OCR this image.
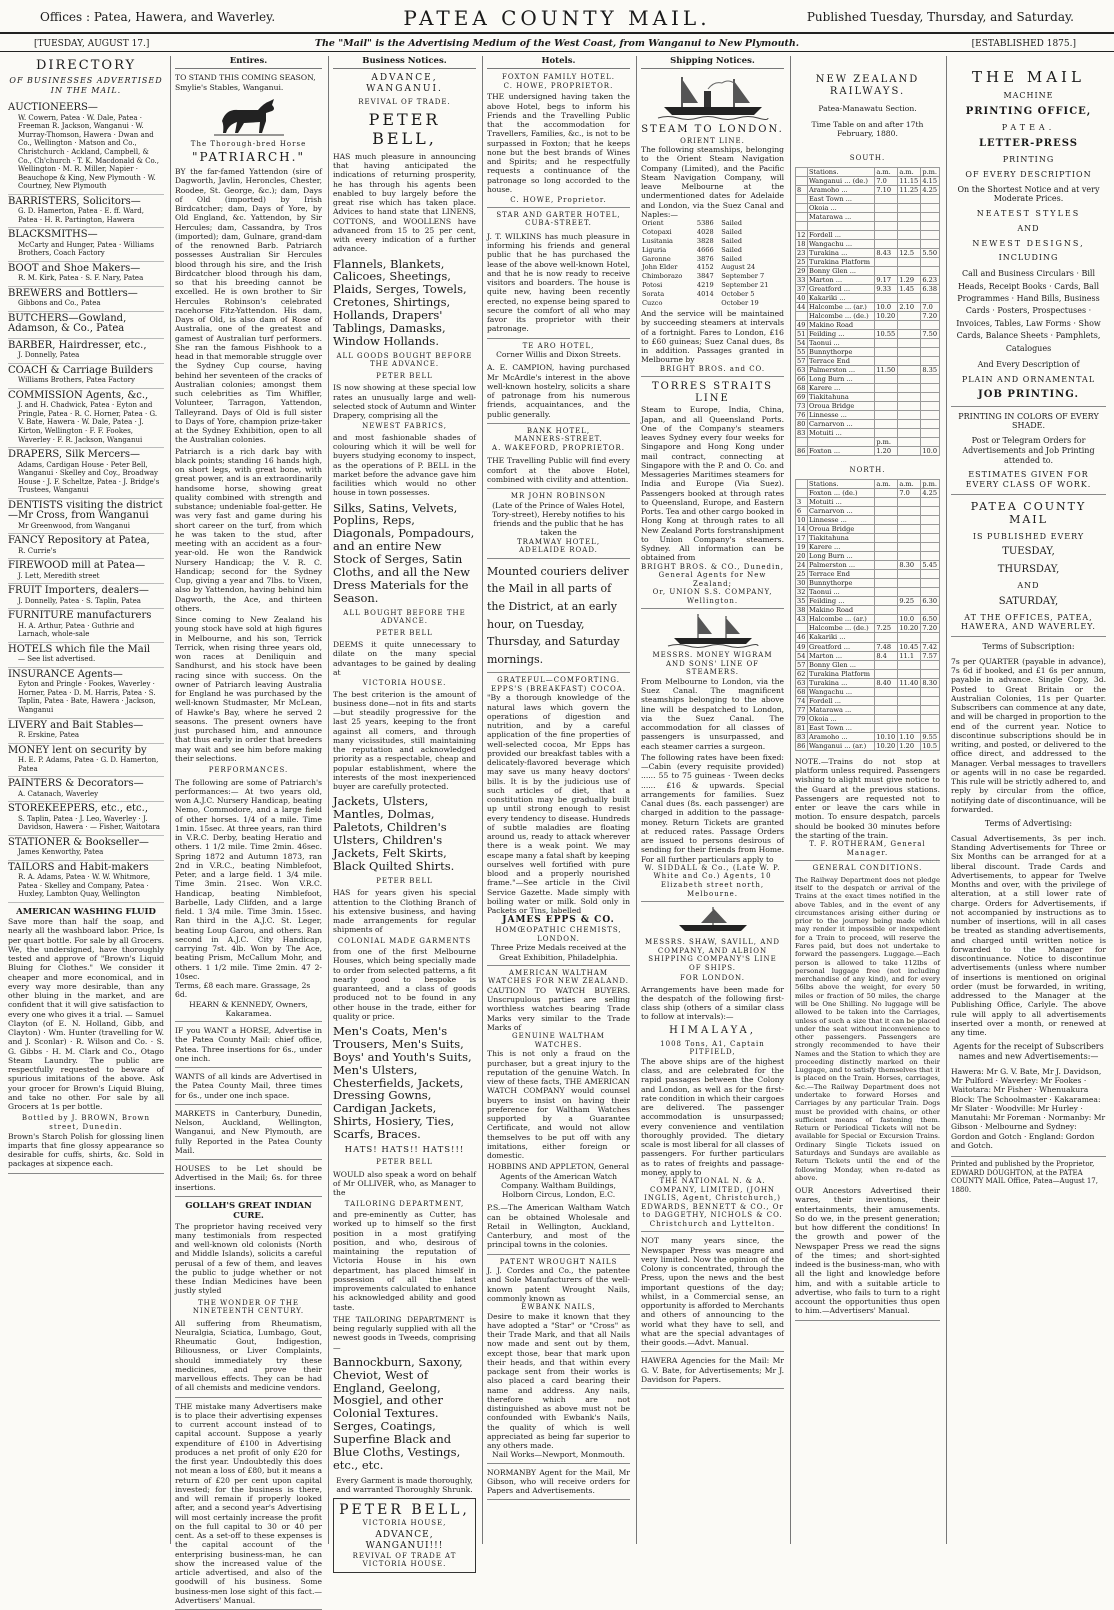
Offices : Patea, Hawera, and Waverley.	PATEA COUNTY MAIL.	Published Tuesday, Thursday, and Saturday.
[TUESDAY, AUGUST 17.]	The "Mail" is the Advertising Medium of the West Coast, from Wanganui to New Plymouth.	[ESTABLISHED 1875.]
DIRECTORY
OF BUSINESSES ADVERTISED IN THE MAIL.
AUCTIONEERS—
W. Cowern, Patea · W. Dale, Patea · Freeman R. Jackson, Wanganui · W. Murray-Thomson, Hawera · Dwan and Co., Wellington · Matson and Co., Christchurch · Ackland, Campbell, & Co., Ch'church · T. K. Macdonald & Co., Wellington · M. R. Miller, Napier · Beauchope & King, New Plymouth · W. Courtney, New Plymouth
BARRISTERS, Solicitors—
G. D. Hamerton, Patea · E. ff. Ward, Patea · H. R. Partington, Hawera
BLACKSMITHS—
McCarty and Hunger, Patea · Williams Brothers, Coach Factory
BOOT and Shoe Makers—
R. M. Kirk, Patea · S. F. Nary, Patea
BREWERS and Bottlers—
Gibbons and Co., Patea
BUTCHERS—Gowland, Adamson, & Co., Patea
BARBER, Hairdresser, etc.,
J. Donnelly, Patea
COACH & Carriage Builders
Williams Brothers, Patea Factory
COMMISSION Agents, &c.,
J. and H. Chadwick, Patea · Eyton and Pringle, Patea · R. C. Horner, Patea · G. V. Bate, Hawera · W. Dale, Patea · J. Kirton, Wellington · F. F. Fookes, Waverley · F. R. Jackson, Wanganui
DRAPERS, Silk Mercers—
Adams, Cardigan House · Peter Bell, Wanganui · Skelley and Coy., Broadway House · J. F. Scheltze, Patea · J. Bridge's Trustees, Wanganui
DENTISTS visiting the district—Mr Cross, from Wanganui
Mr Greenwood, from Wanganui
FANCY Repository at Patea,
R. Currie's
FIREWOOD mill at Patea—
J. Lett, Meredith street
FRUIT Importers, dealers—
J. Donnelly, Patea · S. Taplin, Patea
FURNITURE manufacturers
H. A. Arthur, Patea · Guthrie and Larnach, whole-sale
HOTELS which file the Mail
— See list advertised.
INSURANCE Agents—
Eyton and Pringle · Fookes, Waverley · Horner, Patea · D. M. Harris, Patea · S. Taplin, Patea · Bate, Hawera · Jackson, Wanganui
LIVERY and Bait Stables—
R. Erskine, Patea
MONEY lent on security by
H. E. P. Adams, Patea · G. D. Hamerton, Patea
PAINTERS & Decorators—
A. Catanach, Waverley
STOREKEEPERS, etc., etc.,
S. Taplin, Patea · J. Leo, Waverley · J. Davidson, Hawera · — Fisher, Waitotara
STATIONER & Bookseller—
James Kenworthy, Patea
TAILORS and Habit-makers
R. A. Adams, Patea · W. W. Whitmore, Patea · Skelley and Company, Patea · Huxley, Lambton Quay, Wellington
AMERICAN WASHING FLUID
Save more than half the soap, and nearly all the washboard labor. Price, Is per quart bottle. For sale by all Grocers. We, the undersigned, have thoroughly tested and approve of "Brown's Liquid Bluing for Clothes." We consider it cheaper and more economical, and in every way more desirable, than any other bluing in the market, and are confident that it will give satisfaction to every one who gives it a trial. — Samuel Clayton (of E. N. Holland, Gibb, and Clayton) · Wm. Hunter (travelling for W. and J. Sconlar) · R. Wilson and Co. · S. G. Gibbs · H. M. Clark and Co., Otago Steam Laundry. The public are respectfully requested to beware of spurious imitations of the above. Ask your grocer for Brown's Liquid Bluing, and take no other. For sale by all Grocers at 1s per bottle.
Bottled by J. BROWN, Brown street, Dunedin.
Brown's Starch Polish for glossing linen imparts that fine glossy appearance so desirable for cuffs, shirts, &c. Sold in packages at sixpence each.
Entires.
TO STAND THIS COMING SEASON, Smylie's Stables, Wanganui.
The Thorough-bred Horse
"PATRIARCH."
BY the far-famed Yattendon (sire of Dagworth, Javlin, Heroncles, Chester, Roodee, St. George, &c.); dam, Days of Old (imported) by Irish Birdcatcher; dam, Days of Yore, by Old England, &c. Yattendon, by Sir Hercules; dam, Cassandra, by Tros (imported); dam, Gulnare, grand-dam of the renowned Barb. Patriarch possesses Australian Sir Hercules blood through his sire, and the Irish Birdcatcher blood through his dam, so that his breeding cannot be excelled. He is own brother to Sir Hercules Robinson's celebrated racehorse Fitz-Yattendon. His dam, Days of Old, is also dam of Rose of Australia, one of the greatest and gamest of Australian turf performers. She ran the famous Fishhook to a head in that memorable struggle over the Sydney Cup course, having behind her seventeen of the cracks of Australian colonies; amongst them such celebrities as Tim Whiffler, Volunteer, Tarragon, Yattendon, Talleyrand. Days of Old is full sister to Days of Yore, champion prize-taker at the Sydney Exhibition, open to all the Australian colonies.
Patriarch is a rich dark bay with black points; standing 16 hands high, on short legs, with great bone, with great power, and is an extraordinarily handsome horse, showing great quality combined with strength and substance; undeniable foal-getter. He was very fast and game during his short career on the turf, from which he was taken to the stud, after meeting with an accident as a four-year-old. He won the Randwick Nursery Handicap; the V. R. C. Handicap; second for the Sydney Cup, giving a year and 7lbs. to Vixen, also by Yattendon, having behind him Dagworth, the Ace, and thirteen others.
Since coming to New Zealand his young stock have sold at high figures in Melbourne, and his son, Terrick Terrick, when rising three years old, won races at Deniliquin and Sandhurst, and his stock have been racing since with success. On the owner of Patriarch leaving Australia for England he was purchased by the well-known Studmaster, Mr McLean, of Hawke's Bay, where he served 2 seasons. The present owners have just purchased him, and announce that thus early in order that breeders may wait and see him before making their selections.
PERFORMANCES.
The following are some of Patriarch's performances:— At two years old, won A.J.C. Nursery Handicap, beating Nemo, Commodore, and a large field of other horses. 1/4 of a mile. Time 1min. 15sec. At three years, ran third in V.R.C. Derby, beating Heratio and others. 1 1/2 mile. Time 2min. 46sec. Spring 1872 and Autumn 1873, ran 2nd in V.R.C., beating Nimblefoot, Peter, and a large field. 1 3/4 mile. Time 3min. 21sec. Won V.R.C. Handicap, beating Nimblefoot, Barbelle, Lady Clifden, and a large field. 1 3/4 mile. Time 3min. 15sec. Ran third in the A.J.C. St. Leger, beating Loup Garou, and others. Ran second in A.J.C. City Handicap, carrying 7st. 4lb. Won by The Ace, beating Prism, McCallum Mohr, and others. 1 1/2 mile. Time 2min. 47 2-10sec.
Terms, £8 each mare. Grassage, 2s 6d.
HEARN & KENNEDY, Owners, Kakaramea.
IF you WANT a HORSE, Advertise in the Patea County Mail: chief office, Patea. Three insertions for 6s., under one inch.
WANTS of all kinds are Advertised in the Patea County Mail, three times for 6s., under one inch space.
MARKETS in Canterbury, Dunedin, Nelson, Auckland, Wellington, Wanganui, and New Plymouth, are fully Reported in the Patea County Mail.
HOUSES to be Let should be Advertised in the Mail; 6s. for three insertions.
GOLLAH'S GREAT INDIAN CURE.
The proprietor having received very many testimonials from respected and well-known old colonists (North and Middle Islands), solicits a careful perusal of a few of them, and leaves the public to judge whether or not these Indian Medicines have been justly styled
THE WONDER OF THE NINETEENTH CENTURY.
All suffering from Rheumatism, Neuralgia, Sciatica, Lumbago, Gout, Rheumatic Gout, Indigestion, Biliousness, or Liver Complaints, should immediately try these medicines, and prove their marvellous effects. They can be had of all chemists and medicine vendors.
THE mistake many Advertisers make is to place their advertising expenses to current account instead of to capital account. Suppose a yearly expenditure of £100 in Advertising produces a net profit of only £20 for the first year. Undoubtedly this does not mean a loss of £80, but it means a return of £20 per cent upon capital invested; for the business is there, and will remain if properly looked after, and a second year's Advertising will most certainly increase the profit on the full capital to 30 or 40 per cent. As a set-off to these expenses is the capital account of the enterprising business-man, he can show the increased value of the article advertised, and also of the goodwill of his business. Some business-men lose sight of this fact.—Advertisers' Manual.
Business Notices.
ADVANCE, WANGANUI.
REVIVAL OF TRADE.
PETER BELL,
HAS much pleasure in announcing that having anticipated the indications of returning prosperity, he has through his agents been enabled to buy largely before the great rise which has taken place. Advices to hand state that LINENS, COTTONS, and WOOLLENS have advanced from 15 to 25 per cent, with every indication of a further advance.
Flannels, Blankets, Calicoes, Sheetings, Plaids, Serges, Towels, Cretones, Shirtings, Hollands, Drapers' Tablings, Damasks, Window Hollands.
ALL GOODS BOUGHT BEFORE THE ADVANCE.
PETER BELL
IS now showing at these special low rates an unusually large and well-selected stock of Autumn and Winter Drapery, comprising all the
NEWEST FABRICS,
and most fashionable shades of colouring which it will be well for buyers studying economy to inspect, as the operations of P. BELL in the market before the advance gave him facilities which would no other house in town possesses.
Silks, Satins, Velvets, Poplins, Reps, Diagonals, Pompadours, and an entire New Stock of Serges, Satin Cloths, and all the New Dress Materials for the Season.
ALL BOUGHT BEFORE THE ADVANCE.
PETER BELL
DEEMS it quite unnecessary to dilate on the many special advantages to be gained by dealing at
VICTORIA HOUSE.
The best criterion is the amount of business done—not in fits and starts—but steadily progressive for the last 25 years, keeping to the front against all comers, and through many vicissitudes, still maintaining the reputation and acknowledged priority as a respectable, cheap and popular establishment, where the interests of the most inexperienced buyer are carefully protected.
Jackets, Ulsters, Mantles, Dolmas, Paletots, Children's Ulsters, Children's Jackets, Felt Skirts, Black Quilted Shirts.
PETER BELL
HAS for years given his special attention to the Clothing Branch of his extensive business, and having made arrangements for regular shipments of
COLONIAL MADE GARMENTS
from one of the first Melbourne Houses, which being specially made to order from selected patterns, a fit nearly good to bespoke is guaranteed, and a class of goods produced not to be found in any other house in the trade, either for quality or price.
Men's Coats, Men's Trousers, Men's Suits, Boys' and Youth's Suits, Men's Ulsters, Chesterfields, Jackets, Dressing Gowns, Cardigan Jackets, Shirts, Hosiery, Ties, Scarfs, Braces.
HATS! HATS!! HATS!!!
PETER BELL
WOULD also speak a word on behalf of Mr OLLIVER, who, as Manager to the
TAILORING DEPARTMENT,
and pre-eminently as Cutter, has worked up to himself so the first position in a most gratifying position, and who, desirous of maintaining the reputation of Victoria House in his own department, has placed himself in possession of all the latest improvements calculated to enhance his acknowledged ability and good taste.
THE TAILORING DEPARTMENT is being regularly supplied with all the newest goods in Tweeds, comprising—
Bannockburn, Saxony, Cheviot, West of England, Geelong, Mosgiel, and other Colonial Textures. Serges, Coatings, Superfine Black and Blue Cloths, Vestings, etc., etc.
Every Garment is made thoroughly, and warranted Thoroughly Shrunk.
PETER BELL,
VICTORIA HOUSE,
ADVANCE, WANGANUI!!!
REVIVAL OF TRADE AT VICTORIA HOUSE.
Hotels.
FOXTON FAMILY HOTEL.
C. HOWE, PROPRIETOR.
THE undersigned having taken the above Hotel, begs to inform his Friends and the Travelling Public that the accommodation for Travellers, Families, &c., is not to be surpassed in Foxton; that he keeps none but the best brands of Wines and Spirits; and he respectfully requests a continuance of the patronage so long accorded to the house.
C. HOWE, Proprietor.
STAR AND GARTER HOTEL,
CUBA-STREET.
J. T. WILKINS has much pleasure in informing his friends and general public that he has purchased the lease of the above well-known Hotel, and that he is now ready to receive visitors and boarders. The house is quite new, having been recently erected, no expense being spared to secure the comfort of all who may favor its proprietor with their patronage.
TE ARO HOTEL,
Corner Willis and Dixon Streets.
A. E. CAMPION, having purchased Mr McArdle's interest in the above well-known hostelry, solicits a share of patronage from his numerous friends, acquaintances, and the public generally.
BANK HOTEL,
MANNERS-STREET.
A. WAKEFORD, PROPRIETOR.
THE Travelling Public will find every comfort at the above Hotel, combined with civility and attention.
MR JOHN ROBINSON
(Late of the Prince of Wales Hotel, Tory-street), Hereby notifies to his friends and the public that he has taken the
TRAMWAY HOTEL,
ADELAIDE ROAD.
Mounted couriers deliver the Mail in all parts of the District, at an early hour, on Tuesday, Thursday, and Saturday mornings.
GRATEFUL—COMFORTING.
EPPS'S (BREAKFAST) COCOA.
"By a thorough knowledge of the natural laws which govern the operations of digestion and nutrition, and by a careful application of the fine properties of well-selected cocoa, Mr Epps has provided our breakfast tables with a delicately-flavored beverage which may save us many heavy doctors' bills. It is by the judicious use of such articles of diet, that a constitution may be gradually built up until strong enough to resist every tendency to disease. Hundreds of subtle maladies are floating around us, ready to attack wherever there is a weak point. We may escape many a fatal shaft by keeping ourselves well fortified with pure blood and a properly nourished frame."—See article in the Civil Service Gazette. Made simply with boiling water or milk. Sold only in Packets or Tins, labelled
JAMES EPPS & CO.
HOMŒOPATHIC CHEMISTS, LONDON.
Three Prize Medals received at the Great Exhibition, Philadelphia.
AMERICAN WALTHAM WATCHES FOR NEW ZEALAND.
CAUTION TO WATCH BUYERS. Unscrupulous parties are selling worthless watches bearing Trade Marks very similar to the Trade Marks of
GENUINE WALTHAM WATCHES.
This is not only a fraud on the purchaser, but a great injury to the reputation of the genuine Watch. In view of these facts, THE AMERICAN WATCH COMPANY would counsel buyers to insist on having their preference for Waltham Watches supported by a Guarantee Certificate, and would not allow themselves to be put off with any imitations, either foreign or domestic.
HOBBINS AND APPLETON, General Agents of the American Watch Company. Waltham Buildings, Holborn Circus, London, E.C.
P.S.—The American Waltham Watch can be obtained Wholesale and Retail in Wellington, Auckland, Canterbury, and most of the principal towns in the colonies.
PATENT WROUGHT NAILS
J. J. Cordes and Co., the patentee and Sole Manufacturers of the well-known patent Wrought Nails, commonly known as
EWBANK NAILS,
Desire to make it known that they have adopted a "Star" or "Cross" as their Trade Mark, and that all Nails now made and sent out by them, except those, bear that mark upon their heads, and that within every package sent from their works is also placed a card bearing their name and address. Any nails, therefore which are not distinguished as above must not be confounded with Ewbank's Nails, the quality of which is well appreciated as being far superior to any others made.
Nail Works—Newport, Monmouth.
NORMANBY Agent for the Mail, Mr Gibson, who will receive orders for Papers and Advertisements.
Shipping Notices.
STEAM TO LONDON.
ORIENT LINE.
The following steamships, belonging to the Orient Steam Navigation Company (Limited), and the Pacific Steam Navigation Company, will leave Melbourne at the undermentioned dates for Adelaide and London, via the Suez Canal and Naples:—
Orient	5386	Sailed
Cotopaxi	4028	Sailed
Lusitania	3828	Sailed
Liguria	4666	Sailed
Garonne	3876	Sailed
John Elder	4152	August 24
Chimborazo	3847	September 7
Potosi	4219	September 21
Sorata	4014	October 5
Cuzco		October 19
And the service will be maintained by succeeding steamers at intervals of a fortnight. Fares to London, £16 to £60 guineas; Suez Canal dues, 8s in addition. Passages granted in Melbourne by
BRIGHT BROS. and CO.
TORRES STRAITS LINE
Steam to Europe, India, China, Japan, and all Queensland Ports. One of the Company's steamers leaves Sydney every four weeks for Singapore and Hong Kong under mail contract, connecting at Singapore with the P. and O. Co. and Messageries Maritimes steamers for India and Europe (Via Suez). Passengers booked at through rates to Queensland, Europe, and Eastern Ports. Tea and other cargo booked in Hong Kong at through rates to all New Zealand Ports forstranshipment to Union Company's steamers. Sydney. All information can be obtained from
BRIGHT BROS. & CO., Dunedin, General Agents for New Zealand;
Or, UNION S.S. COMPANY, Wellington.
MESSRS. MONEY WIGRAM AND SONS' LINE OF STEAMERS.
From Melbourne to London, via the Suez Canal. The magnificent steamships belonging to the above line will be despatched to London, via the Suez Canal. The accommodation for all classes of passengers is unsurpassed, and each steamer carries a surgeon.
The following rates have been fixed:—Cabin (every requisite provided) ...... 55 to 75 guineas · Tween decks ...... £16 & upwards. Special arrangements for families. Suez Canal dues (8s. each passenger) are charged in addition to the passage-money. Return Tickets are granted at reduced rates. Passage Orders are issued to persons desirous of sending for their friends from Home. For all further particulars apply to
W. SIDDALL & Co., (Late W. P. White and Co.) Agents, 10 Elizabeth street north, Melbourne.
MESSRS. SHAW, SAVILL, AND COMPANY, AND ALBION SHIPPING COMPANY'S LINE OF SHIPS.
FOR LONDON.
Arrangements have been made for the despatch of the following first-class ship (others of a similar class to follow at intervals):—
HIMALAYA,
1008 Tons, A1, Captain PITFIELD,
The above ships are of the highest class, and are celebrated for the rapid passages between the Colony and London, as well as for the first-rate condition in which their cargoes are delivered. The passenger accommodation is unsurpassed; every convenience and ventilation thoroughly provided. The dietary scale is most liberal for all classes of passengers. For further particulars as to rates of freights and passage-money, apply to
THE NATIONAL N. & A. COMPANY, LIMITED, (JOHN INGLIS, Agent, Christchurch,) EDWARDS, BENNETT & CO., Or to DAGGETHY, NICHOLS & CO. Christchurch and Lyttelton.
NOT many years since, the Newspaper Press was meagre and very limited. Now the opinion of the Colony is concentrated, through the Press, upon the news and the best important questions of the day; whilst, in a Commercial sense, an opportunity is afforded to Merchants and others of announcing to the world what they have to sell, and what are the special advantages of their goods.—Advt. Manual.
HAWERA Agencies for the Mail: Mr G. V. Bate, for Advertisements; Mr J. Davidson for Papers.
NEW ZEALAND RAILWAYS.
Patea-Manawatu Section.
Time Table on and after 17th February, 1880.
SOUTH.
	Stations.	a.m.	a.m.	p.m.
	Wanganui ... (de.)	7.0	11.15	4.15
8	Aramoho ...	7.10	11.25	4.25
	East Town ...			
	Okoia ...			
	Matarawa ...			

12	Fordell ...			
18	Wangachu ...			
23	Turakina ...	8.43	12.5	5.50
25	Turakina Platform			
29	Bonny Glen ...			
33	Marton ...	9.17	1.29	6.23
37	Greatford ...	9.33	1.45	6.38
40	Kakariki ...			
44	Halcombe ... (ar.)	10.0	2.10	7.0
	Halcombe ... (de.)	10.20		7.20
49	Makino Road			
51	Feilding ...	10.55		7.50
54	Taonui ...			
55	Bunnythorpe			
57	Terrace End			
63	Palmerston ...	11.50		8.35
66	Long Burn ...			
68	Karere ...			
69	Tiakitahuna			
73	Oroua Bridge			
76	Linnesse ...			
80	Carnarvon ...			
83	Motuiti ...			
		p.m.		
86	Foxton ...	1.20		10.0
NORTH.
	Stations.	a.m.	a.m.	p.m.
	Foxton ... (de.)		7.0	4.25
3	Motuiti ...			
6	Carnarvon ...			
10	Linnesse ...			
14	Oroua Bridge			
17	Tiakitahuna			
19	Karere ...			
20	Long Burn ...			
24	Palmerston ...		8.30	5.45
25	Terrace End			
30	Bunnythorpe			
32	Taonui ...			
35	Feilding ...		9.25	6.30
38	Makino Road			
43	Halcombe ... (ar.)		10.0	6.50
	Halcombe ... (de.)	7.25	10.20	7.20
46	Kakariki ...			
49	Greatford ...	7.48	10.45	7.42
54	Marton ...	8.4	11.1	7.57
57	Bonny Glen ...			
62	Turakina Platform			
63	Turakina ...	8.40	11.40	8.30
68	Wangachu ...			
74	Fordell ...			
77	Matarawa ...			
79	Okoia ...			
81	East Town ...			
83	Aramoho ...	10.10	1.10	9.55
86	Wanganui ... (ar.)	10.20	1.20	10.5
NOTE.—Trains do not stop at platform unless required. Passengers wishing to alight must give notice to the Guard at the previous stations. Passengers are requested not to enter or leave the cars while in motion. To ensure despatch, parcels should be booked 30 minutes before the starting of the train.
T. F. ROTHERAM, General Manager.
GENERAL CONDITIONS.
The Railway Department does not pledge itself to the despatch or arrival of the Trains at the exact times notified in the above Tables, and in the event of any circumstances arising either during or prior to the journey being made which may render it impossible or inexpedient for a Train to proceed, will reserve the Fares paid, but does not undertake to forward the passengers. Luggage.—Each person is allowed to take 112lbs of personal luggage free (not including merchandise of any kind), and for every 56lbs above the weight, for every 50 miles or fraction of 50 miles, the charge will be One Shilling. No luggage will be allowed to be taken into the Carriages, unless of such a size that it can be placed under the seat without inconvenience to other passengers. Passengers are strongly recommended to have their Names and the Station to which they are proceeding distinctly marked on their Luggage, and to satisfy themselves that it is placed on the Train. Horses, carriages, &c.—The Railway Department does not undertake to forward Horses and Carriages by any particular Train. Dogs must be provided with chains, or other sufficient means of fastening them. Return or Periodical Tickets will not be available for Special or Excursion Trains. Ordinary Single Tickets issued on Saturdays and Sundays are available as Return Tickets until the end of the following Monday, when re-dated as above.
OUR Ancestors Advertised their wares, their inventions, their entertainments, their amusements. So do we, in the present generation; but how different the conditions! In the growth and power of the Newspaper Press we read the signs of the times; and short-sighted indeed is the business-man, who with all the light and knowledge before him, and with a suitable article to advertise, who fails to turn to a right account the opportunities thus open to him.—Advertisers' Manual.
THE MAIL
MACHINE
PRINTING OFFICE,
PATEA.
LETTER-PRESS
PRINTING
OF EVERY DESCRIPTION
On the Shortest Notice and at very Moderate Prices.
NEATEST STYLES
AND
NEWEST DESIGNS,
INCLUDING
Call and Business Circulars · Bill Heads, Receipt Books · Cards, Ball Programmes · Hand Bills, Business Cards · Posters, Prospectuses · Invoices, Tables, Law Forms · Show Cards, Balance Sheets · Pamphlets, Catalogues
And Every Description of
PLAIN AND ORNAMENTAL
JOB PRINTING.
PRINTING IN COLORS OF EVERY SHADE.
Post or Telegram Orders for Advertisements and Job Printing attended to.
ESTIMATES GIVEN FOR EVERY CLASS OF WORK.
PATEA COUNTY MAIL
IS PUBLISHED EVERY
TUESDAY,
THURSDAY,
AND
SATURDAY,
AT THE OFFICES, PATEA, HAWERA, AND WAVERLEY.
Terms of Subscription:
7s per QUARTER (payable in advance), 7s 6d if booked, and £1 6s per annum, payable in advance. Single Copy, 3d. Posted to Great Britain or the Australian Colonies, 11s per Quarter. Subscribers can commence at any date, and will be charged in proportion to the end of the current year. Notice to discontinue subscriptions should be in writing, and posted, or delivered to the office direct, and addressed to the Manager. Verbal messages to travellers or agents will in no case be regarded. This rule will be strictly adhered to, and reply by circular from the office, notifying date of discontinuance, will be forwarded.
Terms of Advertising:
Casual Advertisements, 3s per inch. Standing Advertisements for Three or Six Months can be arranged for at a liberal discount. Trade Cards and Advertisements, to appear for Twelve Months and over, with the privilege of alteration, at a still lower rate of charge. Orders for Advertisements, if not accompanied by instructions as to number of insertions, will in all cases be treated as standing advertisements, and charged until written notice is forwarded to the Manager for discontinuance. Notice to discontinue advertisements (unless where number of insertions is mentioned on original order (must be forwarded, in writing, addressed to the Manager at the Publishing Office, Carlyle. The above rule will apply to all advertisements inserted over a month, or renewed at any time.
Agents for the receipt of Subscribers names and new Advertisements:—
Hawera: Mr G. V. Bate, Mr J. Davidson, Mr Pulford · Waverley: Mr Fookes · Waitotara: Mr Fisher · Whenuakura Block: The Schoolmaster · Kakaramea: Mr Slater · Woodville: Mr Hurley · Manutahi: Mr Foreman · Normanby: Mr Gibson · Melbourne and Sydney: Gordon and Gotch · England: Gordon and Gotch.
Printed and published by the Proprietor, EDWARD DOUGHTON, at the PATEA COUNTY MAIL Office, Patea—August 17, 1880.
